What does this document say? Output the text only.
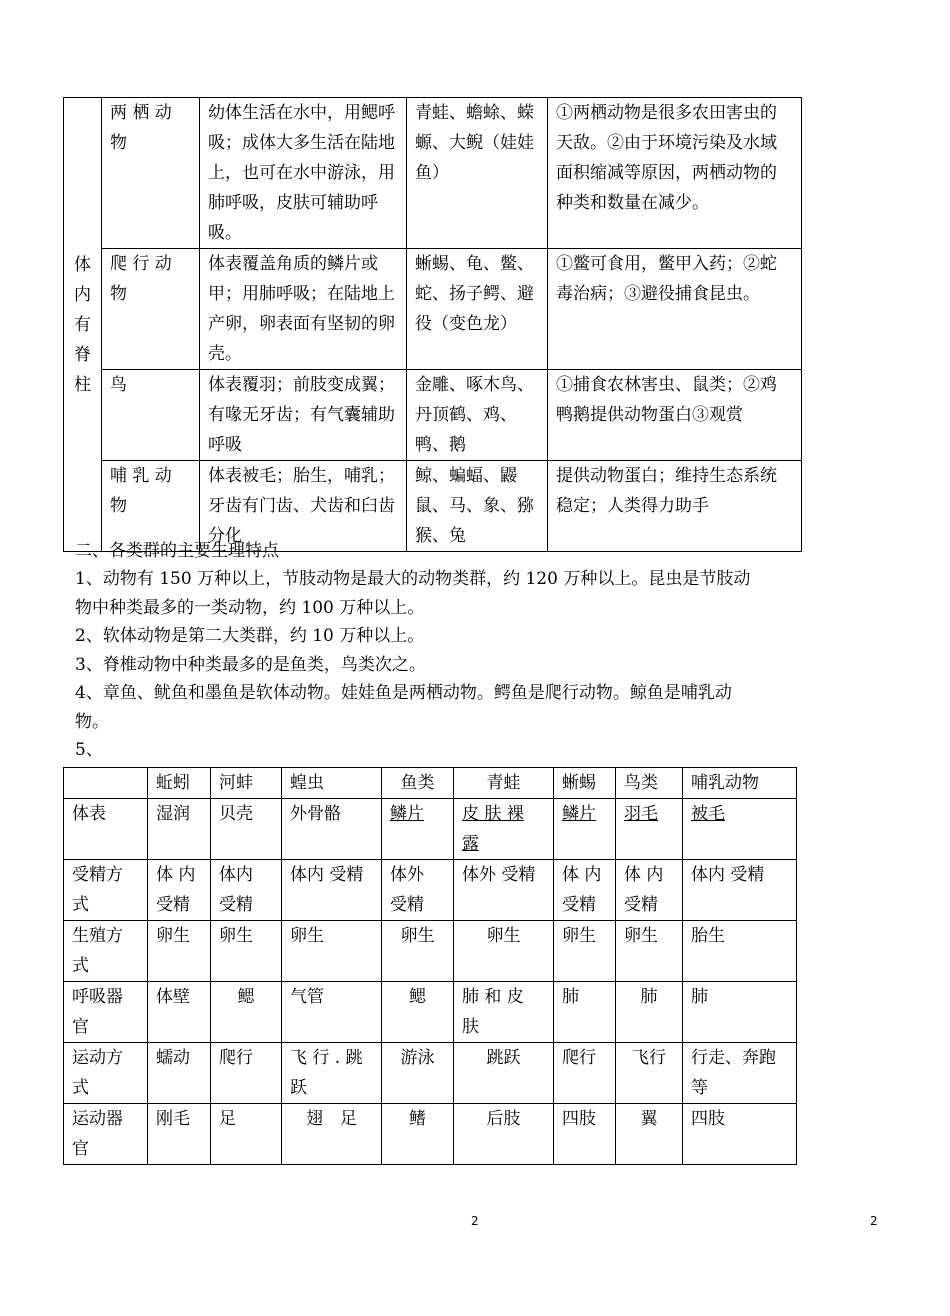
体
内
有
脊
柱	两 栖 动 物	幼体生活在水中，用鳃呼吸；成体大多生活在陆地上，也可在水中游泳，用肺呼吸，皮肤可辅助呼吸。	青蛙、蟾蜍、蝾螈、大鲵（娃娃鱼）	①两栖动物是很多农田害虫的天敌。②由于环境污染及水域面积缩减等原因，两栖动物的种类和数量在减少。
	爬 行 动 物	体表覆盖角质的鳞片或甲；用肺呼吸；在陆地上产卵，卵表面有坚韧的卵壳。	蜥蜴、龟、鳖、蛇、扬子鳄、避役（变色龙）	①鳖可食用，鳖甲入药；②蛇毒治病；③避役捕食昆虫。
	鸟	体表覆羽；前肢变成翼；有喙无牙齿；有气囊辅助呼吸	金雕、啄木鸟、丹顶鹤、鸡、鸭、鹅	①捕食农林害虫、鼠类；②鸡鸭鹅提供动物蛋白③观赏
	哺 乳 动 物	体表被毛；胎生，哺乳；牙齿有门齿、犬齿和臼齿分化	鲸、蝙蝠、鼹鼠、马、象、猕猴、兔	提供动物蛋白；维持生态系统稳定；人类得力助手
二、各类群的主要生理特点
1、动物有 150 万种以上，节肢动物是最大的动物类群，约 120 万种以上。昆虫是节肢动
物中种类最多的一类动物，约 100 万种以上。
2、软体动物是第二大类群，约 10 万种以上。
3、脊椎动物中种类最多的是鱼类，鸟类次之。
4、章鱼、鱿鱼和墨鱼是软体动物。娃娃鱼是两栖动物。鳄鱼是爬行动物。鲸鱼是哺乳动
物。
5、
	蚯蚓	河蚌	蝗虫	鱼类	青蛙	蜥蜴	鸟类	哺乳动物
体表	湿润	贝壳	外骨骼	鳞片	皮 肤 裸 露	鳞片	羽毛	被毛
受精方式	体 内 受精	体内 受精	体内 受精	体外 受精	体外 受精	体 内 受精	体 内 受精	体内 受精
生殖方式	卵生	卵生	卵生	卵生	卵生	卵生	卵生	胎生
呼吸器官	体壁	鳃	气管	鳃	肺 和 皮 肤	肺	肺	肺
运动方式	蠕动	爬行	飞 行 . 跳 跃	游泳	跳跃	爬行	飞行	行走、奔跑等
运动器官	刚毛	足	翅　足	鳍	后肢	四肢	翼	四肢
2	2
